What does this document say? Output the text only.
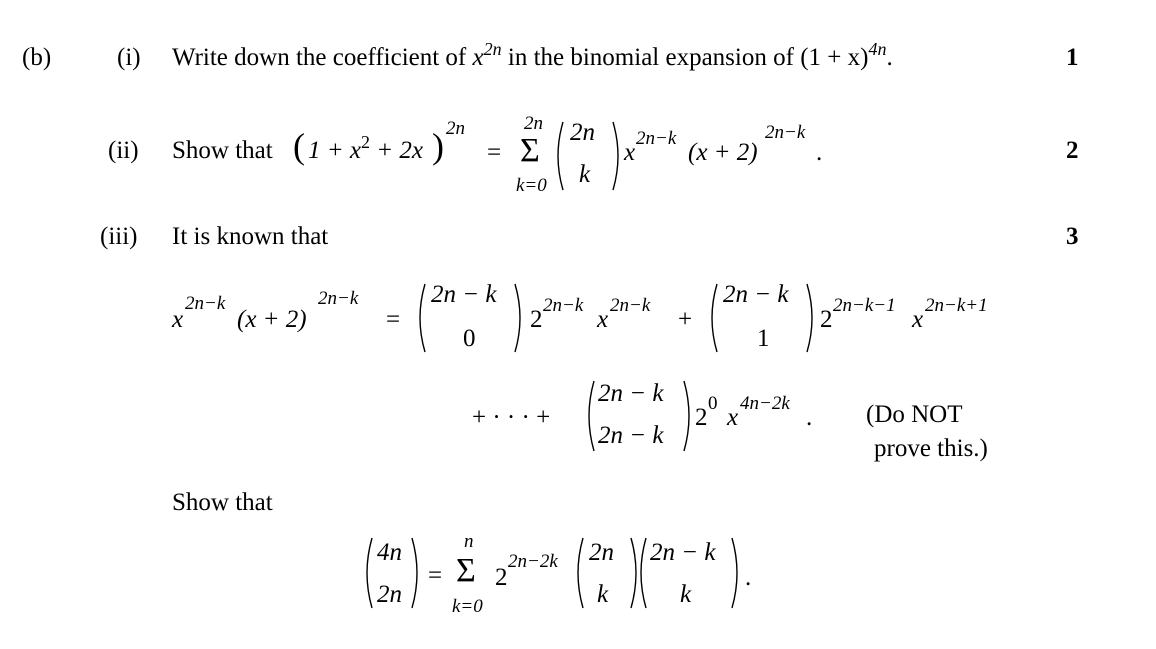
(b)	(i) Write down the coefficient of $x^{2n}$ in the binomial expansion of $(1 + x)^{4n}$.	1
(ii) Show that ( $1 + x^2 + 2x$ ) 2n
=
2n
Σ
k=0
2n
k
x
2n−k
(x + 2)
2n−k
.	2
(iii) It is known that	3
x
2n−k
(x + 2)
2n−k
=
2n − k
0
2
2n−k
x
2n−k
+
2n − k
1
2
2n−k−1
x
2n−k+1
+ · · · +
2n − k
2n − k
2
0
x
4n−2k
. (Do NOT
prove this.)
Show that
4n
2n
=
n
Σ
k=0
2
2n−2k 2n
k
2n − k
k
.
